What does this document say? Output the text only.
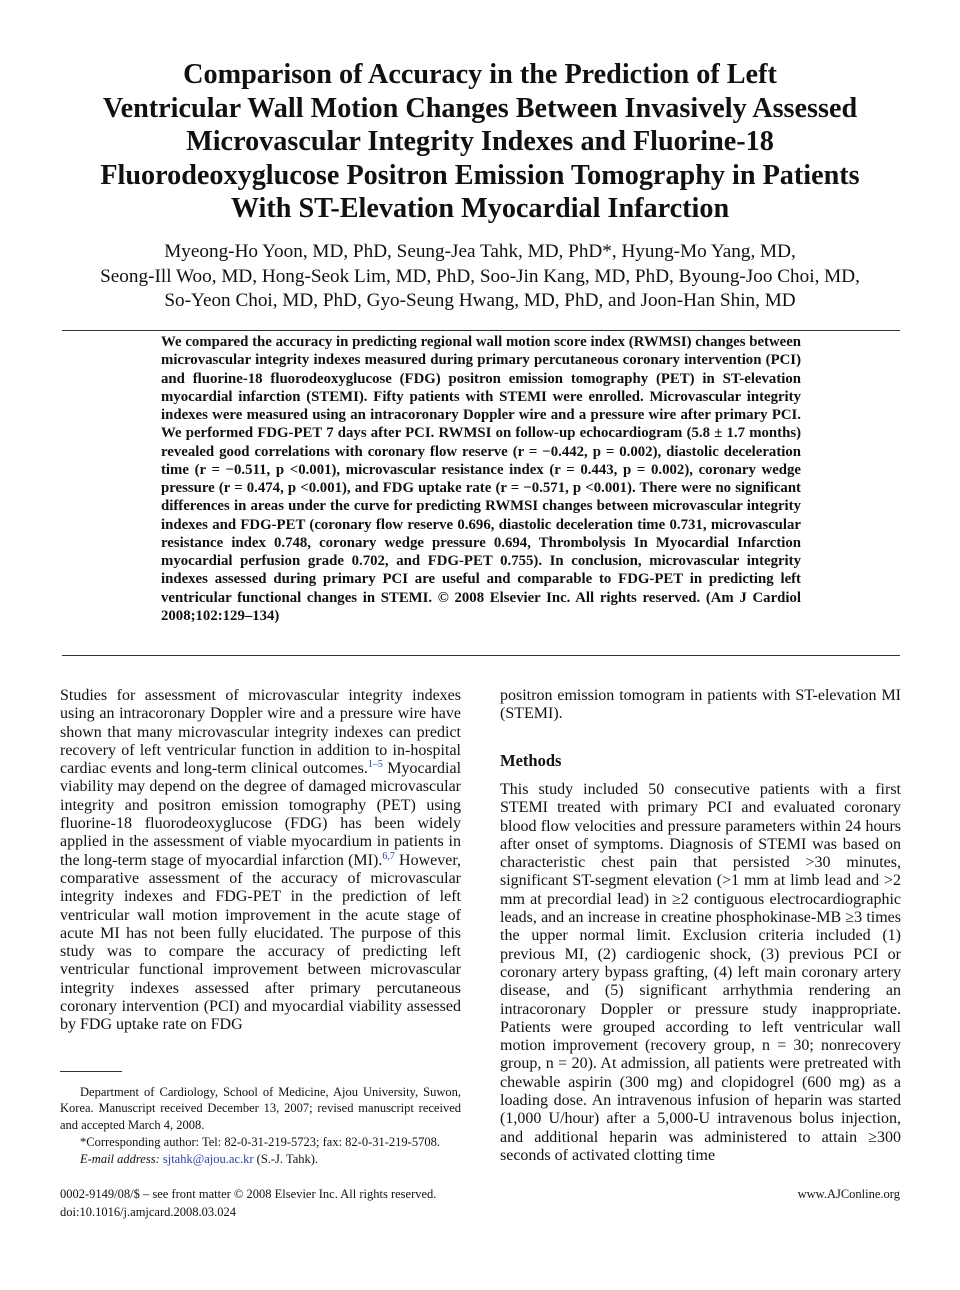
Comparison of Accuracy in the Prediction of Left
Ventricular Wall Motion Changes Between Invasively Assessed
Microvascular Integrity Indexes and Fluorine-18
Fluorodeoxyglucose Positron Emission Tomography in Patients
With ST-Elevation Myocardial Infarction

Myeong-Ho Yoon, MD, PhD, Seung-Jea Tahk, MD, PhD*, Hyung-Mo Yang, MD,
Seong-Ill Woo, MD, Hong-Seok Lim, MD, PhD, Soo-Jin Kang, MD, PhD, Byoung-Joo Choi, MD,
So-Yeon Choi, MD, PhD, Gyo-Seung Hwang, MD, PhD, and Joon-Han Shin, MD

We compared the accuracy in predicting regional wall motion score index (RWMSI) changes between microvascular integrity indexes measured during primary percutaneous coronary intervention (PCI) and fluorine-18 fluorodeoxyglucose (FDG) positron emission tomography (PET) in ST-elevation myocardial infarction (STEMI). Fifty patients with STEMI were enrolled. Microvascular integrity indexes were measured using an intracoronary Doppler wire and a pressure wire after primary PCI. We performed FDG-PET 7 days after PCI. RWMSI on follow-up echocardiogram (5.8 ± 1.7 months) revealed good correlations with coronary flow reserve (r = −0.442, p = 0.002), diastolic deceleration time (r = −0.511, p <0.001), microvascular resistance index (r = 0.443, p = 0.002), coronary wedge pressure (r = 0.474, p <0.001), and FDG uptake rate (r = −0.571, p <0.001). There were no significant differences in areas under the curve for predicting RWMSI changes between microvascular integrity indexes and FDG-PET (coronary flow reserve 0.696, diastolic deceleration time 0.731, microvascular resistance index 0.748, coronary wedge pressure 0.694, Thrombolysis In Myocardial Infarction myocardial perfusion grade 0.702, and FDG-PET 0.755). In conclusion, microvascular integrity indexes assessed during primary PCI are useful and comparable to FDG-PET in predicting left ventricular functional changes in STEMI. © 2008 Elsevier Inc. All rights reserved. (Am J Cardiol 2008;102:129–134)

Studies for assessment of microvascular integrity indexes using an intracoronary Doppler wire and a pressure wire have shown that many microvascular integrity indexes can predict recovery of left ventricular function in addition to in-hospital cardiac events and long-term clinical outcomes.$^{1-5}$ Myocardial viability may depend on the degree of damaged microvascular integrity and positron emission tomography (PET) using fluorine-18 fluorodeoxyglucose (FDG) has been widely applied in the assessment of viable myocardium in patients in the long-term stage of myocardial infarction (MI).$^{6,7}$ However, comparative assessment of the accuracy of microvascular integrity indexes and FDG-PET in the prediction of left ventricular wall motion improvement in the acute stage of acute MI has not been fully elucidated. The purpose of this study was to compare the accuracy of predicting left ventricular functional improvement between microvascular integrity indexes assessed after primary percutaneous coronary intervention (PCI) and myocardial viability assessed by FDG uptake rate on FDG

positron emission tomogram in patients with ST-elevation MI (STEMI).

Methods

This study included 50 consecutive patients with a first STEMI treated with primary PCI and evaluated coronary blood flow velocities and pressure parameters within 24 hours after onset of symptoms. Diagnosis of STEMI was based on characteristic chest pain that persisted >30 minutes, significant ST-segment elevation (>1 mm at limb lead and >2 mm at precordial lead) in ≥2 contiguous electrocardiographic leads, and an increase in creatine phosphokinase-MB ≥3 times the upper normal limit. Exclusion criteria included (1) previous MI, (2) cardiogenic shock, (3) previous PCI or coronary artery bypass grafting, (4) left main coronary artery disease, and (5) significant arrhythmia rendering an intracoronary Doppler or pressure study inappropriate. Patients were grouped according to left ventricular wall motion improvement (recovery group, n = 30; nonrecovery group, n = 20). At admission, all patients were pretreated with chewable aspirin (300 mg) and clopidogrel (600 mg) as a loading dose. An intravenous infusion of heparin was started (1,000 U/hour) after a 5,000-U intravenous bolus injection, and additional heparin was administered to attain ≥300 seconds of activated clotting time

Department of Cardiology, School of Medicine, Ajou University, Suwon, Korea. Manuscript received December 13, 2007; revised manuscript received and accepted March 4, 2008.

*Corresponding author: Tel: 82-0-31-219-5723; fax: 82-0-31-219-5708.

E-mail address: sjtahk@ajou.ac.kr (S.-J. Tahk).

0002-9149/08/$ – see front matter © 2008 Elsevier Inc. All rights reserved.
doi:10.1016/j.amjcard.2008.03.024

www.AJConline.org
